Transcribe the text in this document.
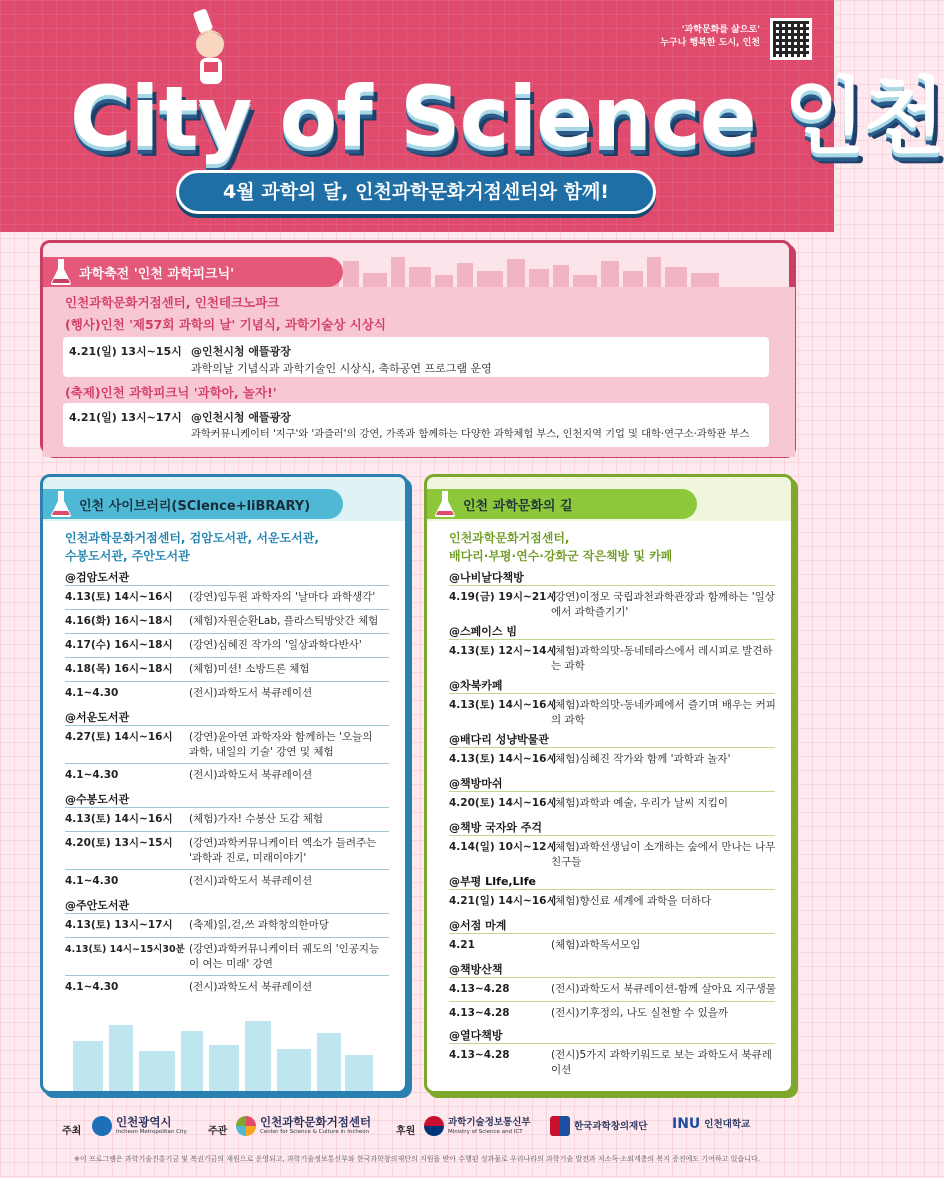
'과학문화를 삶으로'
누구나 행복한 도시, 인천
City of Science 인천
4월 과학의 달, 인천과학문화거점센터와 함께!
과학축전 '인천 과학피크닉'
인천과학문화거점센터, 인천테크노파크
(행사)인천 '제57회 과학의 날' 기념식, 과학기술상 시상식
4.21(일) 13시~15시 @인천시청 애뜰광장
과학의날 기념식과 과학기술인 시상식, 축하공연 프로그램 운영
(축제)인천 과학피크닉 '과학아, 놀자!'
4.21(일) 13시~17시 @인천시청 애뜰광장
과학커뮤니케이터 '지구'와 '과즐러'의 강연, 가족과 함께하는 다양한 과학체험 부스, 인천지역 기업 및 대학·연구소·과학관 부스
인천 사이브러리(SCIence+liBRARY)
인천과학문화거점센터, 검암도서관, 서운도서관,
수봉도서관, 주안도서관
@검암도서관
4.13(토) 14시~16시 (강연)임두원 과학자의 '날마다 과학생각'
4.16(화) 16시~18시 (체험)자원순환Lab, 플라스틱방앗간 체험
4.17(수) 16시~18시 (강연)심혜진 작가의 '일상과학다반사'
4.18(목) 16시~18시 (체험)미션! 소방드론 체험
4.1~4.30	(전시)과학도서 북큐레이션
@서운도서관
4.27(토) 14시~16시 (강연)윤아연 과학자와 함께하는 '오늘의 과학, 내일의 기술' 강연 및 체험
4.1~4.30	(전시)과학도서 북큐레이션
@수봉도서관
4.13(토) 14시~16시 (체험)가자! 수봉산 도감 체험
4.20(토) 13시~15시 (강연)과학커뮤니케이터 엑소가 들려주는 '과학과 진로, 미래이야기'
4.1~4.30	(전시)과학도서 북큐레이션
@주안도서관
4.13(토) 13시~17시 (축제)읽,걷,쓰 과학창의한마당
4.13(토) 14시~15시30분 (강연)과학커뮤니케이터 궤도의 '인공지능이 여는 미래' 강연
4.1~4.30	(전시)과학도서 북큐레이션
인천 과학문화의 길
인천과학문화거점센터,
배다리·부평·연수·강화군 작은책방 및 카페
@나비날다책방
4.19(금) 19시~21시
(강연)이정모 국립과천과학관장과 함께하는 '일상에서 과학즐기기'
@스페이스 빔
4.13(토) 12시~14시
(체험)과학의맛-동네테라스에서 레시피로 발견하는 과학
@차북카페
4.13(토) 14시~16시
(체험)과학의맛-동네카페에서 즐기며 배우는 커피의 과학
@배다리 성냥박물관
4.13(토) 14시~16시
(체험)심혜진 작가와 함께 '과학과 놀자'
@책방마쉬
4.20(토) 14시~16시
(체험)과학과 예술, 우리가 날씨 지킴이
@책방 국자와 주걱
4.14(일) 10시~12시
(체험)과학선생님이 소개하는 숲에서 만나는 나무친구들
@부평 LIfe,LIfe
4.21(일) 14시~16시
(체험)향신료 세계에 과학을 더하다
@서점 마계
4.21	(체험)과학독서모임
@책방산책
4.13~4.28	(전시)과학도서 북큐레이션-함께 살아요 지구생물
4.13~4.28	(전시)기후정의, 나도 실천할 수 있을까
@열다책방
4.13~4.28	(전시)5가지 과학키워드로 보는 과학도서 북큐레이션
주최
인천광역시
Incheon Metropolitan City 주관
인천과학문화거점센터
Center for Science & Culture in Incheon	후원
과학기술정보통신부
Ministry of Science and ICT
한국과학창의재단 INU 인천대학교
※이 프로그램은 과학기술진흥기금 및 복권기금의 재원으로 운영되고, 과학기술정보통신부와 한국과학창의재단의 지원을 받아 수행된 성과물로 우리나라의 과학기술 발전과 저소득·소외계층의 복지 증진에도 기여하고 있습니다.
